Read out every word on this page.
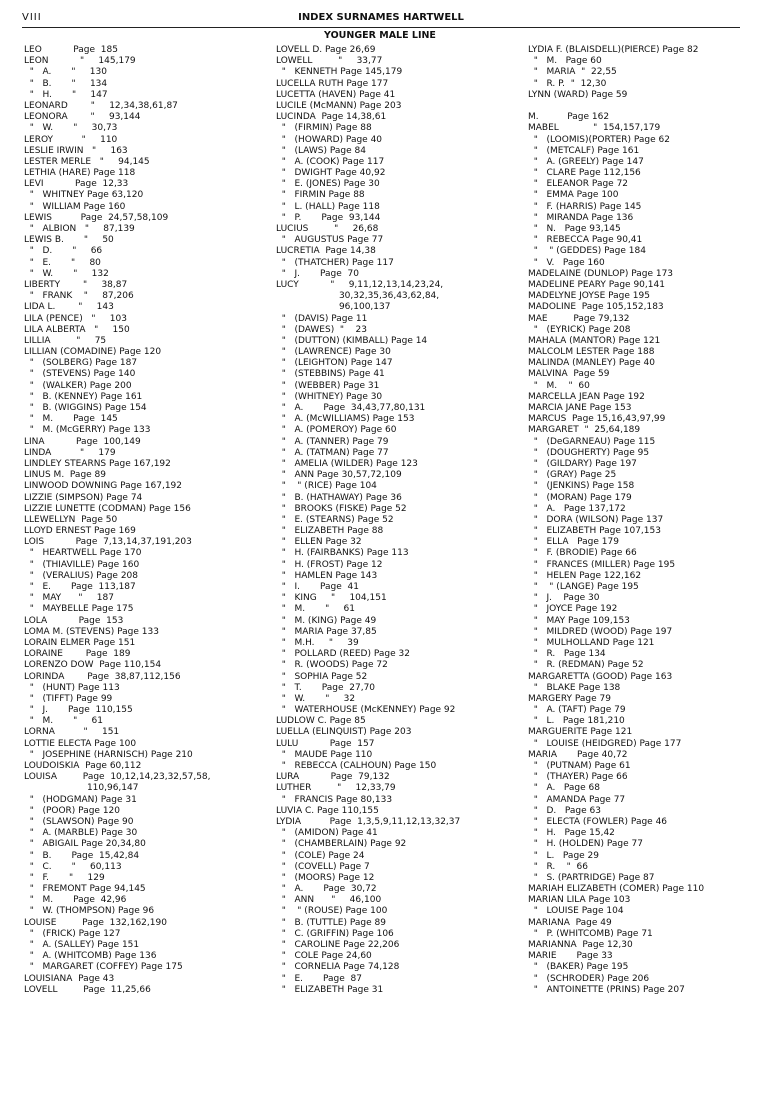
VIII	INDEX SURNAMES HARTWELL
YOUNGER MALE LINE
LEO           Page  185
LEON           "     145,179
"   A.       "     130
"   B.       "     134
"   H.       "     147
LEONARD        "     12,34,38,61,87
LEONORA        "     93,144
"   W.       "     30,73
LEROY          "     110
LESLIE IRWIN   "     163
LESTER MERLE   "     94,145
LETHIA (HARE) Page 118
LEVI           Page  12,33
"   WHITNEY Page 63,120
"   WILLIAM Page 160
LEWIS          Page  24,57,58,109
"   ALBION   "     87,139
LEWIS B.       "     50
"   D.       "     66
"   E.       "     80
"   W.       "     132
LIBERTY        "     38,87
"   FRANK    "     87,206
LIDA L.        "     143
LILA (PENCE)   "     103
LILA ALBERTA   "     150
LILLIA         "     75
LILLIAN (COMADINE) Page 120
"   (SOLBERG) Page 187
"   (STEVENS) Page 140
"   (WALKER) Page 200
"   B. (KENNEY) Page 161
"   B. (WIGGINS) Page 154
"   M.       Page  145
"   M. (McGERRY) Page 133
LINA           Page  100,149
LINDA          "     179
LINDLEY STEARNS Page 167,192
LINUS M.  Page 89
LINWOOD DOWNING Page 167,192
LIZZIE (SIMPSON) Page 74
LIZZIE LUNETTE (CODMAN) Page 156
LLEWELLYN  Page 50
LLOYD ERNEST Page 169
LOIS           Page  7,13,14,37,191,203
"   HEARTWELL Page 170
"   (THIAVILLE) Page 160
"   (VERALIUS) Page 208
"   E.       Page  113,187
"   MAY      "     187
"   MAYBELLE Page 175
LOLA           Page  153
LOMA M. (STEVENS) Page 133
LORAIN ELMER Page 151
LORAINE        Page  189
LORENZO DOW  Page 110,154
LORINDA        Page  38,87,112,156
"   (HUNT) Page 113
"   (TIFFT) Page 99
"   J.       Page  110,155
"   M.       "     61
LORNA          "     151
LOTTIE ELECTA Page 100
"   JOSEPHINE (HARNISCH) Page 210
LOUDOISKIA  Page 60,112
LOUISA         Page  10,12,14,23,32,57,58,
110,96,147
"   (HODGMAN) Page 31
"   (POOR) Page 120
"   (SLAWSON) Page 90
"   A. (MARBLE) Page 30
"   ABIGAIL Page 20,34,80
"   B.       Page  15,42,84
"   C.       "     60,113
"   F.       "     129
"   FREMONT Page 94,145
"   M.       Page  42,96
"   W. (THOMPSON) Page 96
LOUISE         Page  132,162,190
"   (FRICK) Page 127
"   A. (SALLEY) Page 151
"   A. (WHITCOMB) Page 136
"   MARGARET (COFFEY) Page 175
LOUISIANA  Page 43
LOVELL         Page  11,25,66
LOVELL D. Page 26,69
LOWELL         "     33,77
"   KENNETH Page 145,179
LUCELLA RUTH Page 177
LUCETTA (HAVEN) Page 41
LUCILE (McMANN) Page 203
LUCINDA  Page 14,38,61
"   (FIRMIN) Page 88
"   (HOWARD) Page 40
"   (LAWS) Page 84
"   A. (COOK) Page 117
"   DWIGHT Page 40,92
"   E. (JONES) Page 30
"   FIRMIN Page 88
"   L. (HALL) Page 118
"   P.       Page  93,144
LUCIUS         "     26,68
"   AUGUSTUS Page 77
LUCRETIA  Page 14,38
"   (THATCHER) Page 117
"   J.       Page  70
LUCY           "     9,11,12,13,14,23,24,
30,32,35,36,43,62,84,
96,100,137
"   (DAVIS) Page 11
"   (DAWES)  "    23
"   (DUTTON) (KIMBALL) Page 14
"   (LAWRENCE) Page 30
"   (LEIGHTON) Page 147
"   (STEBBINS) Page 41
"   (WEBBER) Page 31
"   (WHITNEY) Page 30
"   A.       Page  34,43,77,80,131
"   A. (McWILLIAMS) Page 153
"   A. (POMEROY) Page 60
"   A. (TANNER) Page 79
"   A. (TATMAN) Page 77
"   AMELIA (WILDER) Page 123
"   ANN Page 30,57,72,109
"    " (RICE) Page 104
"   B. (HATHAWAY) Page 36
"   BROOKS (FISKE) Page 52
"   E. (STEARNS) Page 52
"   ELIZABETH Page 88
"   ELLEN Page 32
"   H. (FAIRBANKS) Page 113
"   H. (FROST) Page 12
"   HAMLEN Page 143
"   I.       Page  41
"   KING     "     104,151
"   M.       "     61
"   M. (KING) Page 49
"   MARIA Page 37,85
"   M.H.     "     39
"   POLLARD (REED) Page 32
"   R. (WOODS) Page 72
"   SOPHIA Page 52
"   T.       Page  27,70
"   W.       "     32
"   WATERHOUSE (McKENNEY) Page 92
LUDLOW C. Page 85
LUELLA (ELINQUIST) Page 203
LULU           Page  157
"   MAUDE Page 110
"   REBECCA (CALHOUN) Page 150
LURA           Page  79,132
LUTHER         "     12,33,79
"   FRANCIS Page 80,133
LUVIA C. Page 110,155
LYDIA          Page  1,3,5,9,11,12,13,32,37
"   (AMIDON) Page 41
"   (CHAMBERLAIN) Page 92
"   (COLE) Page 24
"   (COVELL) Page 7
"   (MOORS) Page 12
"   A.       Page  30,72
"   ANN      "     46,100
"    " (ROUSE) Page 100
"   B. (TUTTLE) Page 89
"   C. (GRIFFIN) Page 106
"   CAROLINE Page 22,206
"   COLE Page 24,60
"   CORNELIA Page 74,128
"   E.       Page  87
"   ELIZABETH Page 31
LYDIA F. (BLAISDELL)(PIERCE) Page 82
"   M.   Page 60
"   MARIA  "  22,55
"   R. P.  "  12,30
LYNN (WARD) Page 59
M.          Page 162
MABEL            "  154,157,179
"   (LOOMIS)(PORTER) Page 62
"   (METCALF) Page 161
"   A. (GREELY) Page 147
"   CLARE Page 112,156
"   ELEANOR Page 72
"   EMMA Page 100
"   F. (HARRIS) Page 145
"   MIRANDA Page 136
"   N.   Page 93,145
"   REBECCA Page 90,41
"    " (GEDDES) Page 184
"   V.   Page 160
MADELAINE (DUNLOP) Page 173
MADELINE PEARY Page 90,141
MADELYNE JOYSE Page 195
MADOLINE  Page 105,152,183
MAE         Page 79,132
"   (EYRICK) Page 208
MAHALA (MANTOR) Page 121
MALCOLM LESTER Page 188
MALINDA (MANLEY) Page 40
MALVINA  Page 59
"   M.    "  60
MARCELLA JEAN Page 192
MARCIA JANE Page 153
MARCUS  Page 15,16,43,97,99
MARGARET  "  25,64,189
"   (DeGARNEAU) Page 115
"   (DOUGHERTY) Page 95
"   (GILDARY) Page 197
"   (GRAY) Page 25
"   (JENKINS) Page 158
"   (MORAN) Page 179
"   A.   Page 137,172
"   DORA (WILSON) Page 137
"   ELIZABETH Page 107,153
"   ELLA   Page 179
"   F. (BRODIE) Page 66
"   FRANCES (MILLER) Page 195
"   HELEN Page 122,162
"    " (LANGE) Page 195
"   J.    Page 30
"   JOYCE Page 192
"   MAY Page 109,153
"   MILDRED (WOOD) Page 197
"   MULHOLLAND Page 121
"   R.   Page 134
"   R. (REDMAN) Page 52
MARGARETTA (GOOD) Page 163
"   BLAKE Page 138
MARGERY Page 79
"   A. (TAFT) Page 79
"   L.   Page 181,210
MARGUERITE Page 121
"   LOUISE (HEIDGRED) Page 177
MARIA       Page 40,72
"   (PUTNAM) Page 61
"   (THAYER) Page 66
"   A.   Page 68
"   AMANDA Page 77
"   D.   Page 63
"   ELECTA (FOWLER) Page 46
"   H.   Page 15,42
"   H. (HOLDEN) Page 77
"   L.   Page 29
"   R.    "  66
"   S. (PARTRIDGE) Page 87
MARIAH ELIZABETH (COMER) Page 110
MARIAN LILA Page 103
"   LOUISE Page 104
MARIANA  Page 49
"   P. (WHITCOMB) Page 71
MARIANNA  Page 12,30
MARIE       Page 33
"   (BAKER) Page 195
"   (SCHRODER) Page 206
"   ANTOINETTE (PRINS) Page 207
